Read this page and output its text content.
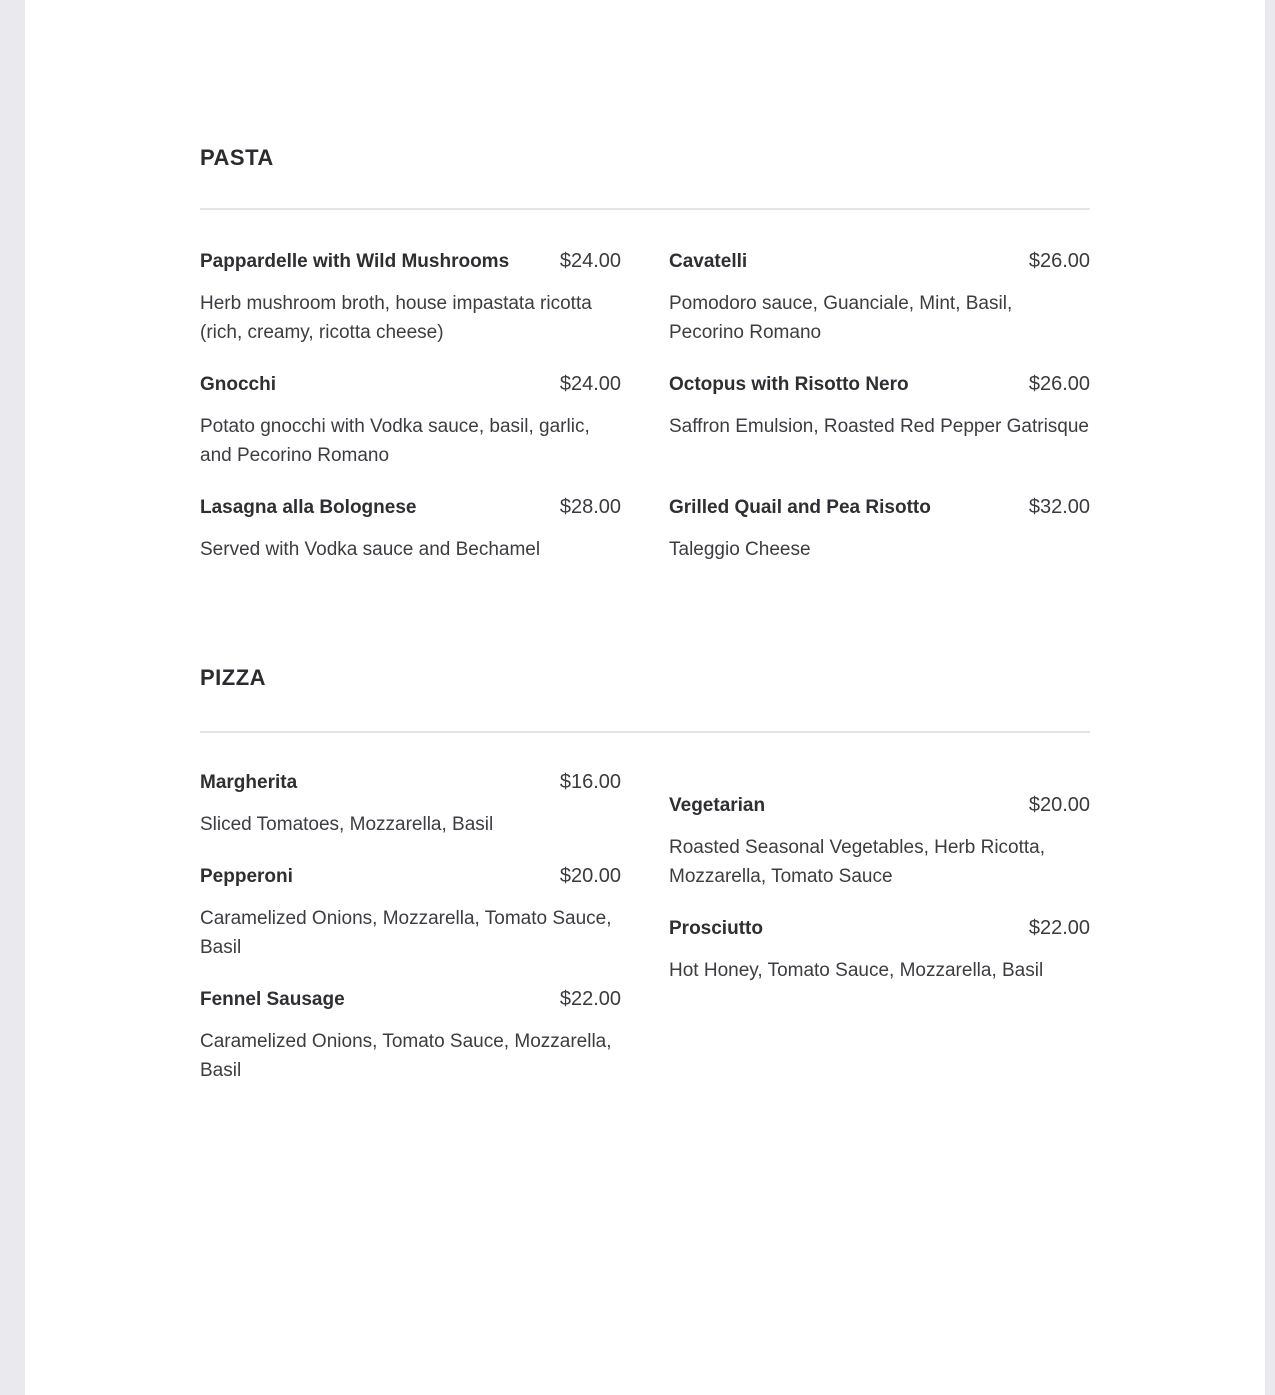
PASTA
Pappardelle with Wild Mushrooms	$24.00
Herb mushroom broth, house impastata ricotta (rich, creamy, ricotta cheese)
Gnocchi	$24.00
Potato gnocchi with Vodka sauce, basil, garlic, and Pecorino Romano
Lasagna alla Bolognese	$28.00
Served with Vodka sauce and Bechamel
Cavatelli	$26.00
Pomodoro sauce, Guanciale, Mint, Basil, Pecorino Romano
Octopus with Risotto Nero	$26.00
Saffron Emulsion, Roasted Red Pepper Gatrisque
Grilled Quail and Pea Risotto	$32.00
Taleggio Cheese
PIZZA
Margherita	$16.00
Sliced Tomatoes, Mozzarella, Basil
Pepperoni	$20.00
Caramelized Onions, Mozzarella, Tomato Sauce, Basil
Fennel Sausage	$22.00
Caramelized Onions, Tomato Sauce, Mozzarella, Basil
Vegetarian	$20.00
Roasted Seasonal Vegetables, Herb Ricotta, Mozzarella, Tomato Sauce
Prosciutto	$22.00
Hot Honey, Tomato Sauce, Mozzarella, Basil
